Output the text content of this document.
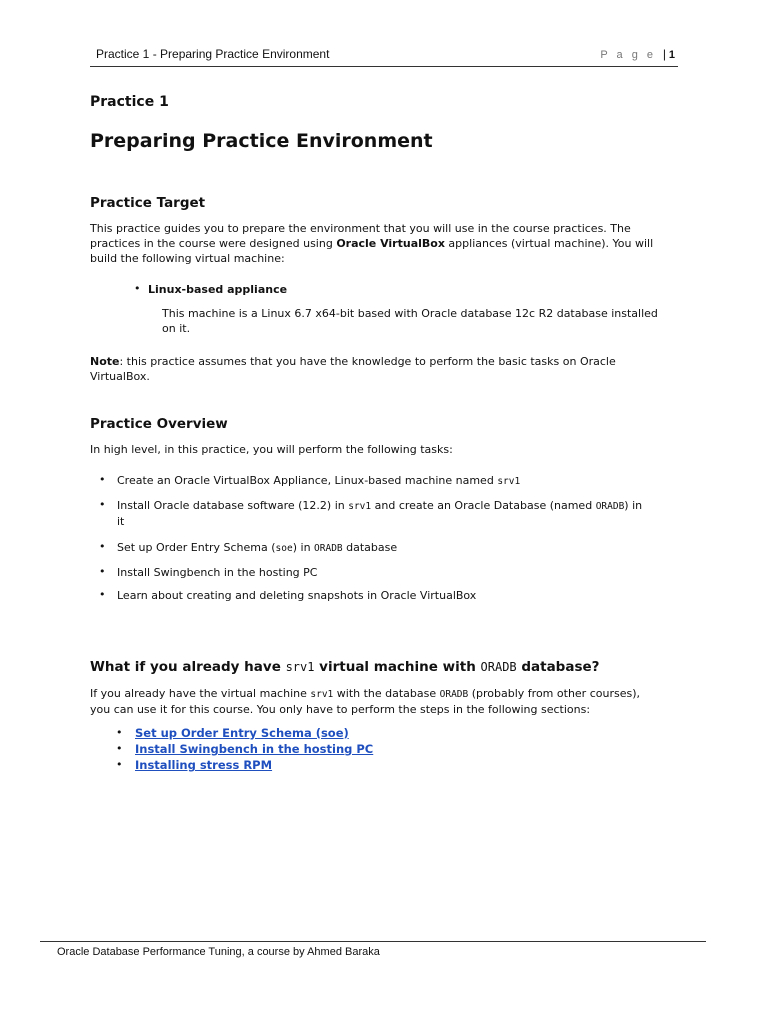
Practice 1 - Preparing Practice Environment	P a g e | 1
Practice 1
Preparing Practice Environment
Practice Target
This practice guides you to prepare the environment that you will use in the course practices. The
practices in the course were designed using Oracle VirtualBox appliances (virtual machine). You will
build the following virtual machine:
• Linux-based appliance
This machine is a Linux 6.7 x64-bit based with Oracle database 12c R2 database installed
on it.
Note: this practice assumes that you have the knowledge to perform the basic tasks on Oracle
VirtualBox.
Practice Overview
In high level, in this practice, you will perform the following tasks:
• Create an Oracle VirtualBox Appliance, Linux-based machine named srv1
• Install Oracle database software (12.2) in srv1 and create an Oracle Database (named ORADB) in
it
• Set up Order Entry Schema (soe) in ORADB database
• Install Swingbench in the hosting PC
• Learn about creating and deleting snapshots in Oracle VirtualBox
What if you already have srv1 virtual machine with ORADB database?
If you already have the virtual machine srv1 with the database ORADB (probably from other courses),
you can use it for this course. You only have to perform the steps in the following sections:
• Set up Order Entry Schema (soe)
• Install Swingbench in the hosting PC
• Installing stress RPM
Oracle Database Performance Tuning, a course by Ahmed Baraka
